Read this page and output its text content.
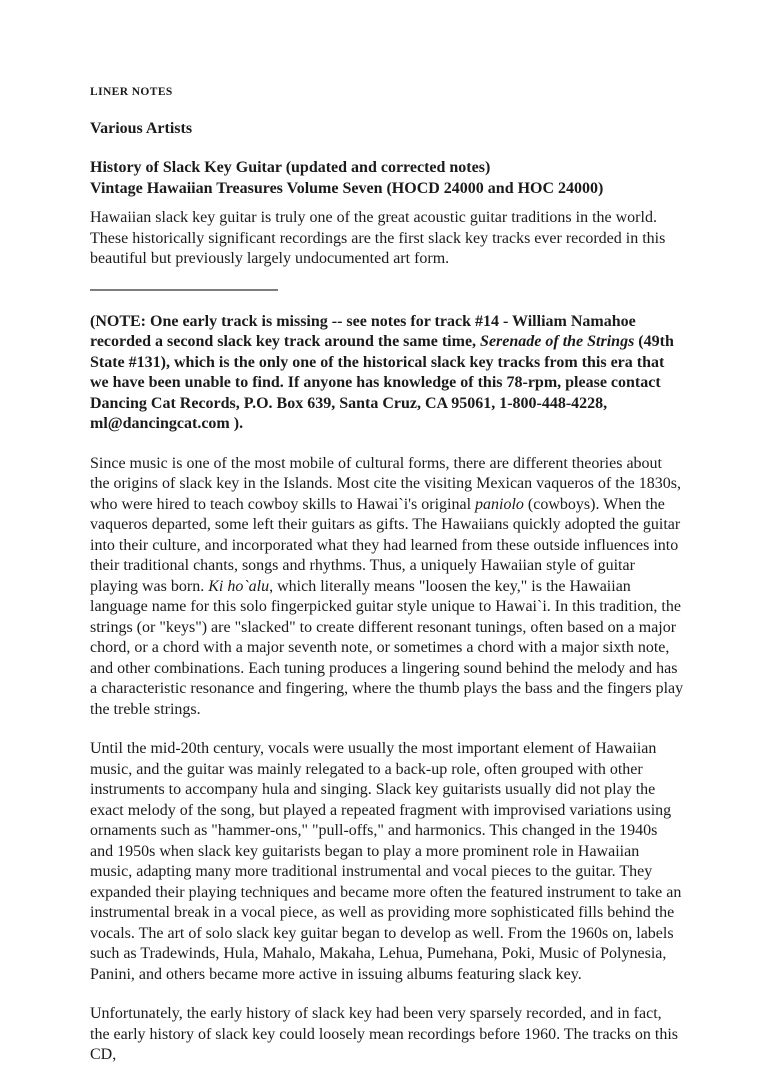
LINER NOTES
Various Artists
History of Slack Key Guitar (updated and corrected notes)
Vintage Hawaiian Treasures Volume Seven (HOCD 24000 and HOC 24000)

Hawaiian slack key guitar is truly one of the great acoustic guitar traditions in the world. These historically significant recordings are the first slack key tracks ever recorded in this beautiful but previously largely undocumented art form.

(NOTE: One early track is missing -- see notes for track #14 - William Namahoe recorded a second slack key track around the same time, Serenade of the Strings (49th State #131), which is the only one of the historical slack key tracks from this era that we have been unable to find. If anyone has knowledge of this 78-rpm, please contact Dancing Cat Records, P.O. Box 639, Santa Cruz, CA 95061, 1-800-448-4228, ml@dancingcat.com ).

Since music is one of the most mobile of cultural forms, there are different theories about the origins of slack key in the Islands. Most cite the visiting Mexican vaqueros of the 1830s, who were hired to teach cowboy skills to Hawai`i's original paniolo (cowboys). When the vaqueros departed, some left their guitars as gifts. The Hawaiians quickly adopted the guitar into their culture, and incorporated what they had learned from these outside influences into their traditional chants, songs and rhythms. Thus, a uniquely Hawaiian style of guitar playing was born. Ki ho`alu, which literally means "loosen the key," is the Hawaiian language name for this solo fingerpicked guitar style unique to Hawai`i. In this tradition, the strings (or "keys") are "slacked" to create different resonant tunings, often based on a major chord, or a chord with a major seventh note, or sometimes a chord with a major sixth note, and other combinations. Each tuning produces a lingering sound behind the melody and has a characteristic resonance and fingering, where the thumb plays the bass and the fingers play the treble strings.

Until the mid-20th century, vocals were usually the most important element of Hawaiian music, and the guitar was mainly relegated to a back-up role, often grouped with other instruments to accompany hula and singing. Slack key guitarists usually did not play the exact melody of the song, but played a repeated fragment with improvised variations using ornaments such as "hammer-ons," "pull-offs," and harmonics. This changed in the 1940s and 1950s when slack key guitarists began to play a more prominent role in Hawaiian music, adapting many more traditional instrumental and vocal pieces to the guitar. They expanded their playing techniques and became more often the featured instrument to take an instrumental break in a vocal piece, as well as providing more sophisticated fills behind the vocals. The art of solo slack key guitar began to develop as well. From the 1960s on, labels such as Tradewinds, Hula, Mahalo, Makaha, Lehua, Pumehana, Poki, Music of Polynesia, Panini, and others became more active in issuing albums featuring slack key.

Unfortunately, the early history of slack key had been very sparsely recorded, and in fact, the early history of slack key could loosely mean recordings before 1960. The tracks on this CD,
